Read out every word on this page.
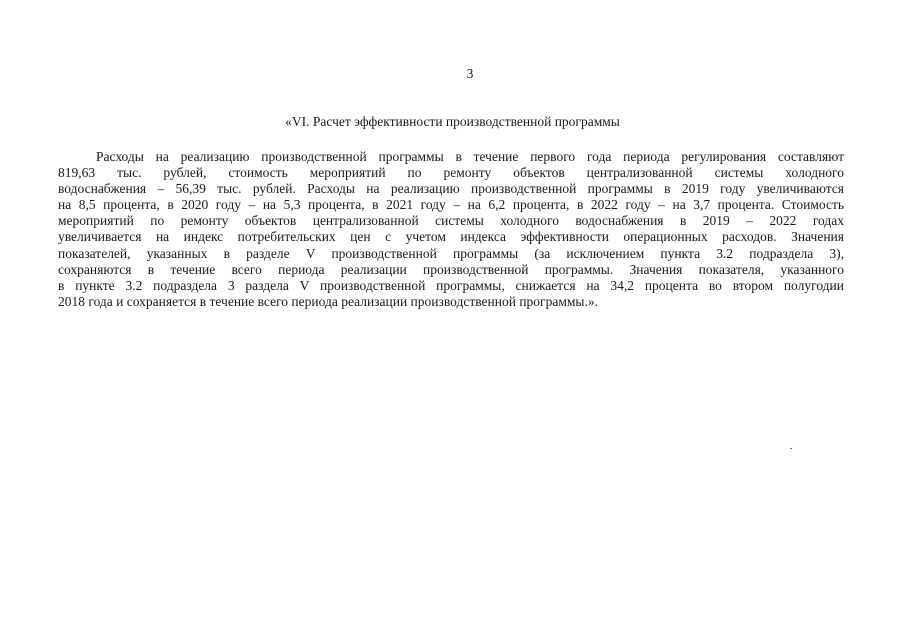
3
«VI. Расчет эффективности производственной программы
Расходы на реализацию производственной программы в течение первого года периода регулирования составляют
819,63 тыс. рублей, стоимость мероприятий по ремонту объектов централизованной системы холодного
водоснабжения – 56,39 тыс. рублей. Расходы на реализацию производственной программы в 2019 году увеличиваются
на 8,5 процента, в 2020 году – на 5,3 процента, в 2021 году – на 6,2 процента, в 2022 году – на 3,7 процента. Стоимость
мероприятий по ремонту объектов централизованной системы холодного водоснабжения в 2019 – 2022 годах
увеличивается на индекс потребительских цен с учетом индекса эффективности операционных расходов. Значения
показателей, указанных в разделе V производственной программы (за исключением пункта 3.2 подраздела 3),
сохраняются в течение всего периода реализации производственной программы. Значения показателя, указанного
в пункте 3.2 подраздела 3 раздела V производственной программы, снижается на 34,2 процента во втором полугодии
2018 года и сохраняется в течение всего периода реализации производственной программы.».
